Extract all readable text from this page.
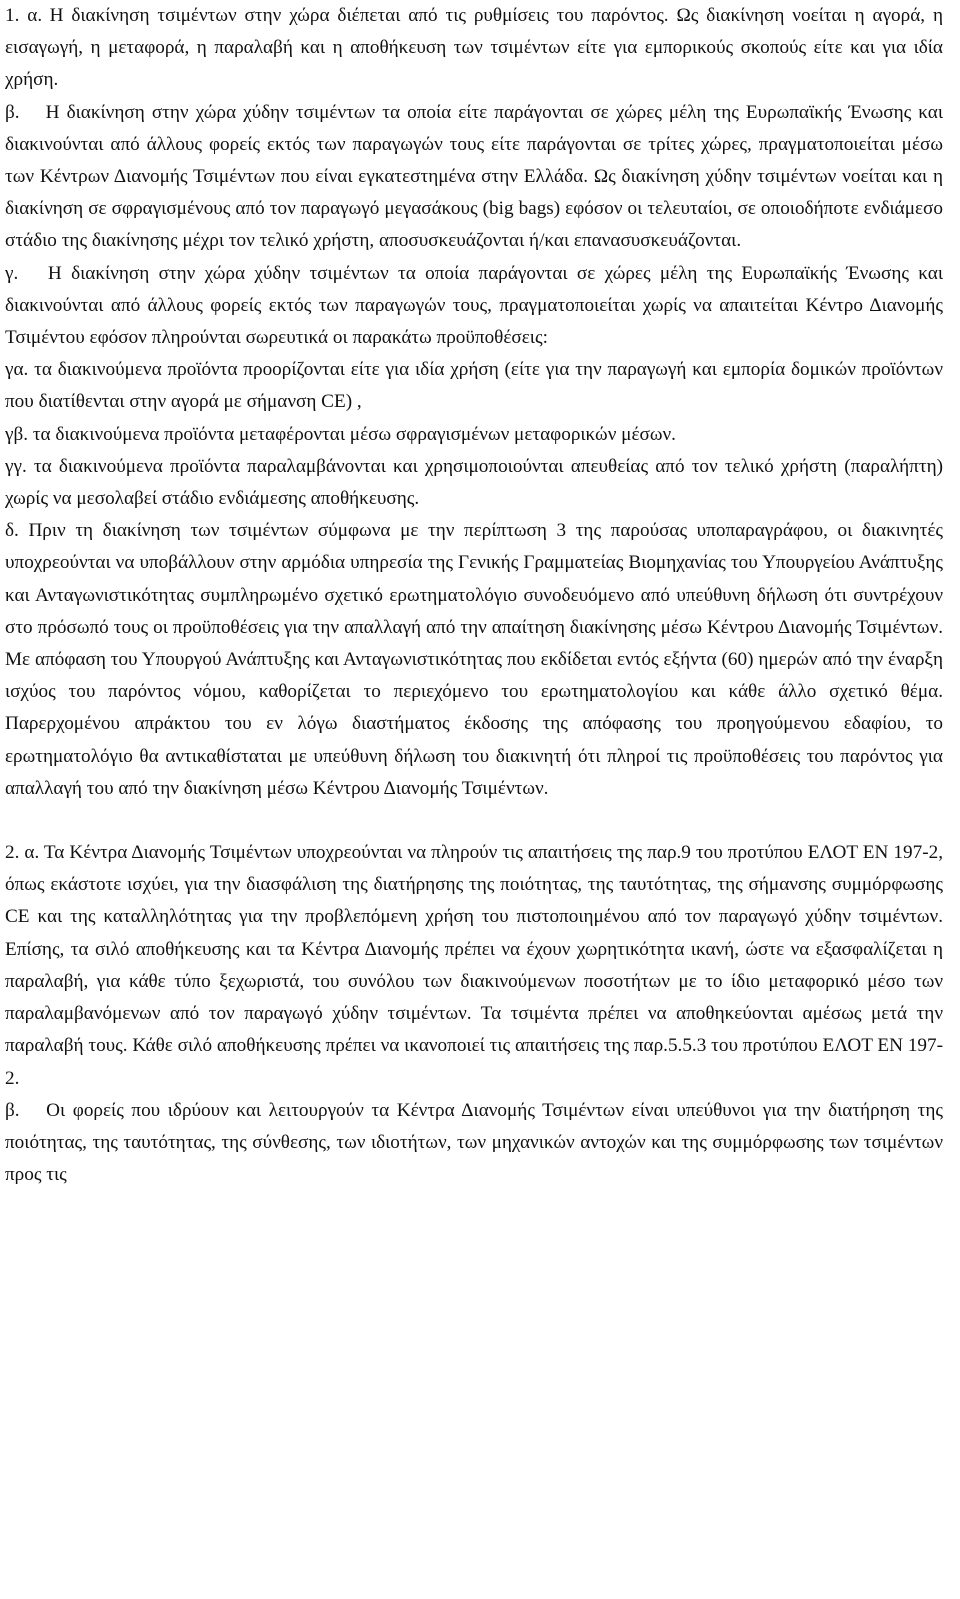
1. α.	Η διακίνηση τσιμέντων στην χώρα διέπεται από τις ρυθμίσεις του παρόντος. Ως διακίνηση νοείται η αγορά, η εισαγωγή, η μεταφορά, η παραλαβή και η αποθήκευση των τσιμέντων είτε για εμπορικούς σκοπούς είτε και για ιδία χρήση.

β.	Η διακίνηση στην χώρα χύδην τσιμέντων τα οποία είτε παράγονται σε χώρες μέλη της Ευρωπαϊκής Ένωσης και διακινούνται από άλλους φορείς εκτός των παραγωγών τους είτε παράγονται σε τρίτες χώρες, πραγματοποιείται μέσω των Κέντρων Διανομής Τσιμέντων που είναι εγκατεστημένα στην Ελλάδα. Ως διακίνηση χύδην τσιμέντων νοείται και η διακίνηση σε σφραγισμένους από τον παραγωγό μεγασάκους (big bags) εφόσον οι τελευταίοι, σε οποιοδήποτε ενδιάμεσο στάδιο της διακίνησης μέχρι τον τελικό χρήστη, αποσυσκευάζονται ή/και επανασυσκευάζονται.

γ.	Η διακίνηση στην χώρα χύδην τσιμέντων τα οποία παράγονται σε χώρες μέλη της Ευρωπαϊκής Ένωσης και διακινούνται από άλλους φορείς εκτός των παραγωγών τους, πραγματοποιείται χωρίς να απαιτείται Κέντρο Διανομής Τσιμέντου εφόσον πληρούνται σωρευτικά οι παρακάτω προϋποθέσεις:

γα. τα διακινούμενα προϊόντα προορίζονται είτε για ιδία χρήση (είτε για την παραγωγή και εμπορία δομικών προϊόντων που διατίθενται στην αγορά με σήμανση CE) ,

γβ. τα διακινούμενα προϊόντα μεταφέρονται μέσω σφραγισμένων μεταφορικών μέσων.

γγ. τα διακινούμενα προϊόντα παραλαμβάνονται και χρησιμοποιούνται απευθείας από τον τελικό χρήστη (παραλήπτη) χωρίς να μεσολαβεί στάδιο ενδιάμεσης αποθήκευσης.

δ. Πριν τη διακίνηση των τσιμέντων σύμφωνα με την περίπτωση 3 της παρούσας υποπαραγράφου, οι διακινητές υποχρεούνται να υποβάλλουν στην αρμόδια υπηρεσία της Γενικής Γραμματείας Βιομηχανίας του Υπουργείου Ανάπτυξης και Ανταγωνιστικότητας συμπληρωμένο σχετικό ερωτηματολόγιο συνοδευόμενο από υπεύθυνη δήλωση ότι συντρέχουν στο πρόσωπό τους οι προϋποθέσεις για την απαλλαγή από την απαίτηση διακίνησης μέσω Κέντρου Διανομής Τσιμέντων. Με απόφαση του Υπουργού Ανάπτυξης και Ανταγωνιστικότητας που εκδίδεται εντός εξήντα (60) ημερών από την έναρξη ισχύος του παρόντος νόμου, καθορίζεται το περιεχόμενο του ερωτηματολογίου και κάθε άλλο σχετικό θέμα. Παρερχομένου απράκτου του εν λόγω διαστήματος έκδοσης της απόφασης του προηγούμενου εδαφίου, το ερωτηματολόγιο θα αντικαθίσταται με υπεύθυνη δήλωση του διακινητή ότι πληροί τις προϋποθέσεις του παρόντος για απαλλαγή του από την διακίνηση μέσω Κέντρου Διανομής Τσιμέντων.

2. α.	Τα Κέντρα Διανομής Τσιμέντων υποχρεούνται να πληρούν τις απαιτήσεις της παρ.9 του προτύπου ΕΛΟΤ ΕΝ 197-2, όπως εκάστοτε ισχύει, για την διασφάλιση της διατήρησης της ποιότητας, της ταυτότητας, της σήμανσης συμμόρφωσης CE και της καταλληλότητας για την προβλεπόμενη χρήση του πιστοποιημένου από τον παραγωγό χύδην τσιμέντων. Επίσης, τα σιλό αποθήκευσης και τα Κέντρα Διανομής πρέπει να έχουν χωρητικότητα ικανή, ώστε να εξασφαλίζεται η παραλαβή, για κάθε τύπο ξεχωριστά, του συνόλου των διακινούμενων ποσοτήτων με το ίδιο μεταφορικό μέσο των παραλαμβανόμενων από τον παραγωγό χύδην τσιμέντων. Τα τσιμέντα πρέπει να αποθηκεύονται αμέσως μετά την παραλαβή τους. Κάθε σιλό αποθήκευσης πρέπει να ικανοποιεί τις απαιτήσεις της παρ.5.5.3 του προτύπου ΕΛΟΤ ΕΝ 197-2.

β.	Οι φορείς που ιδρύουν και λειτουργούν τα Κέντρα Διανομής Τσιμέντων είναι υπεύθυνοι για την διατήρηση της ποιότητας, της ταυτότητας, της σύνθεσης, των ιδιοτήτων, των μηχανικών αντοχών και της συμμόρφωσης των τσιμέντων προς τις
